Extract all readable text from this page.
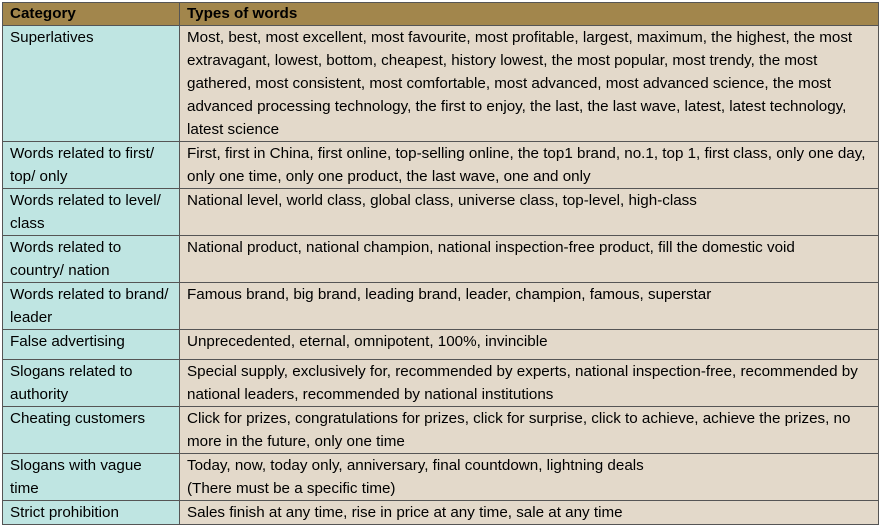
Category	Types of words
Superlatives	Most, best, most excellent, most favourite, most profitable, largest, maximum, the highest, the most extravagant, lowest, bottom, cheapest, history lowest, the most popular, most trendy, the most gathered, most consistent, most comfortable, most advanced, most advanced science, the most advanced processing technology, the first to enjoy, the last, the last wave, latest, latest technology, latest science
Words related to first/ top/ only	First, first in China, first online, top-selling online, the top1 brand, no.1, top 1, first class, only one day, only one time, only one product, the last wave, one and only
Words related to level/ class	National level, world class, global class, universe class, top-level, high-class
Words related to country/ nation	National product, national champion, national inspection-free product, fill the domestic void
Words related to brand/ leader	Famous brand, big brand, leading brand, leader, champion, famous, superstar
False advertising	Unprecedented, eternal, omnipotent, 100%, invincible
Slogans related to authority	Special supply, exclusively for, recommended by experts, national inspection-free, recommended by national leaders, recommended by national institutions
Cheating customers	Click for prizes, congratulations for prizes, click for surprise, click to achieve, achieve the prizes, no more in the future, only one time
Slogans with vague time	Today, now, today only, anniversary, final countdown, lightning deals
(There must be a specific time)
Strict prohibition	Sales finish at any time, rise in price at any time, sale at any time
